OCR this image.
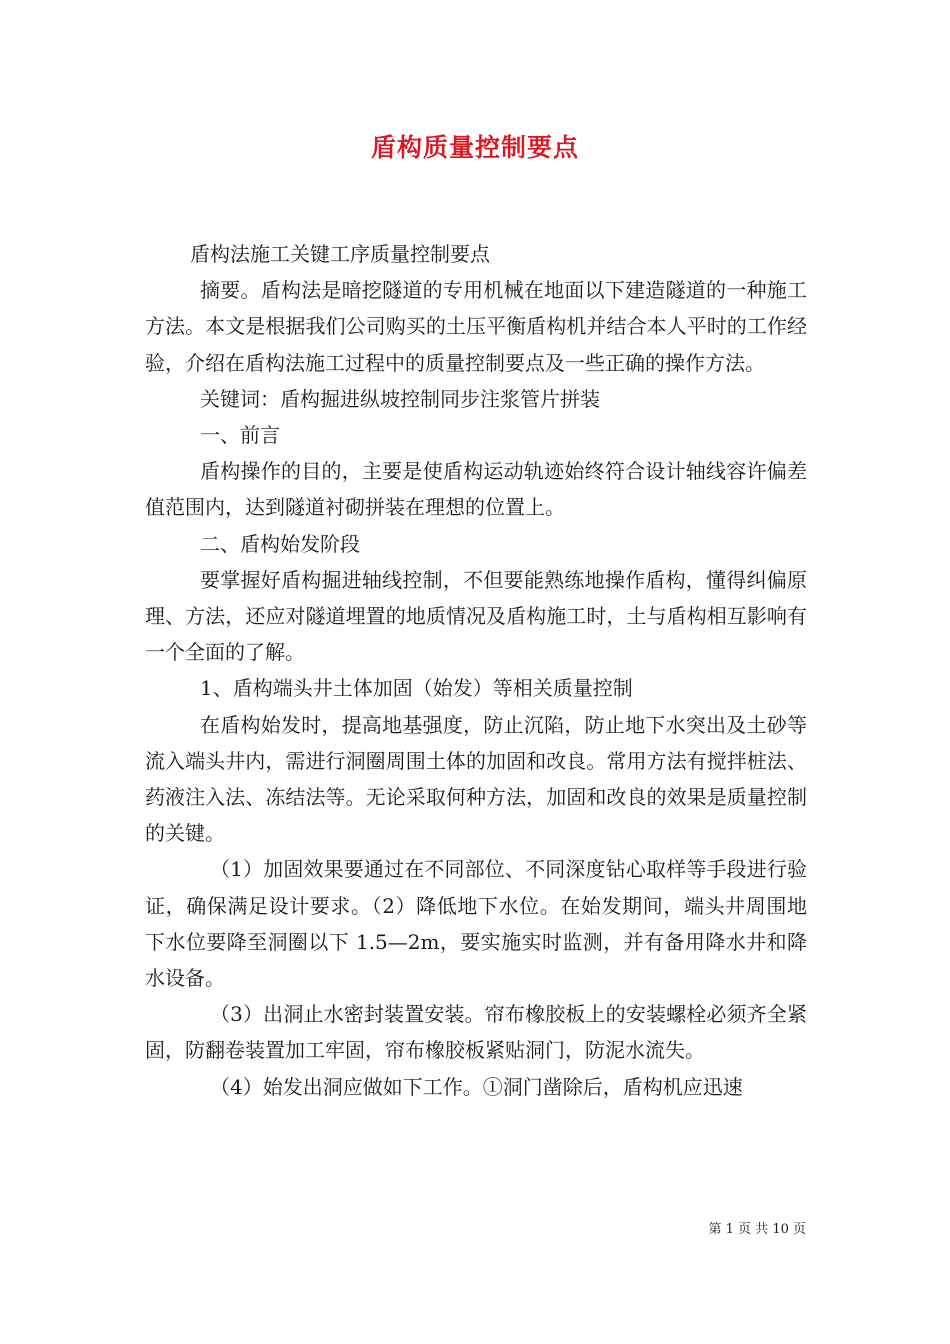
盾构质量控制要点

盾构法施工关键工序质量控制要点

摘要。盾构法是暗挖隧道的专用机械在地面以下建造隧道的一种施工方法。本文是根据我们公司购买的土压平衡盾构机并结合本人平时的工作经验，介绍在盾构法施工过程中的质量控制要点及一些正确的操作方法。

关键词：盾构掘进纵坡控制同步注浆管片拼装

一、前言

盾构操作的目的，主要是使盾构运动轨迹始终符合设计轴线容许偏差值范围内，达到隧道衬砌拼装在理想的位置上。

二、盾构始发阶段

要掌握好盾构掘进轴线控制，不但要能熟练地操作盾构，懂得纠偏原理、方法，还应对隧道埋置的地质情况及盾构施工时，土与盾构相互影响有一个全面的了解。

1、盾构端头井土体加固（始发）等相关质量控制

在盾构始发时，提高地基强度，防止沉陷，防止地下水突出及土砂等流入端头井内，需进行洞圈周围土体的加固和改良。常用方法有搅拌桩法、药液注入法、冻结法等。无论采取何种方法，加固和改良的效果是质量控制的关键。

（1）加固效果要通过在不同部位、不同深度钻心取样等手段进行验证，确保满足设计要求。（2）降低地下水位。在始发期间，端头井周围地下水位要降至洞圈以下 1.5—2m，要实施实时监测，并有备用降水井和降水设备。

（3）出洞止水密封装置安装。帘布橡胶板上的安装螺栓必须齐全紧固，防翻卷装置加工牢固，帘布橡胶板紧贴洞门，防泥水流失。

（4）始发出洞应做如下工作。①洞门凿除后，盾构机应迅速

第 1 页 共 10 页
